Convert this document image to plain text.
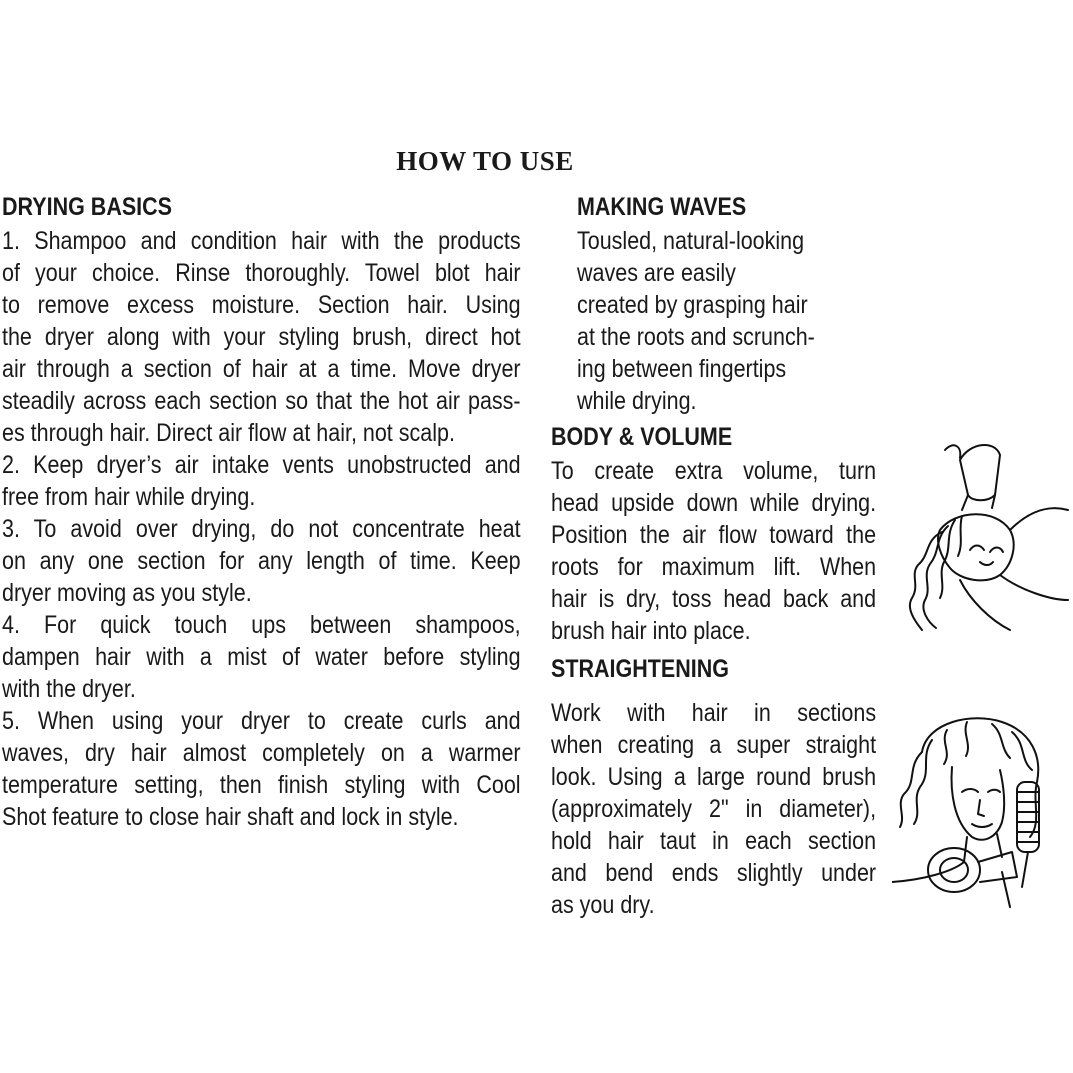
HOW TO USE
DRYING BASICS
1. Shampoo and condition hair with the products
of your choice. Rinse thoroughly. Towel blot hair
to remove excess moisture. Section hair. Using
the dryer along with your styling brush, direct hot
air through a section of hair at a time. Move dryer
steadily across each section so that the hot air pass-
es through hair. Direct air flow at hair, not scalp.
2. Keep dryer’s air intake vents unobstructed and
free from hair while drying.
3. To avoid over drying, do not concentrate heat
on any one section for any length of time. Keep
dryer moving as you style.
4. For quick touch ups between shampoos,
dampen hair with a mist of water before styling
with the dryer.
5. When using your dryer to create curls and
waves, dry hair almost completely on a warmer
temperature setting, then finish styling with Cool
Shot feature to close hair shaft and lock in style.
MAKING WAVES
Tousled, natural-looking
waves are easily
created by grasping hair
at the roots and scrunch-
ing between fingertips
while drying.
BODY & VOLUME
To create extra volume, turn
head upside down while drying.
Position the air flow toward the
roots for maximum lift. When
hair is dry, toss head back and
brush hair into place.
STRAIGHTENING
Work with hair in sections
when creating a super straight
look. Using a large round brush
(approximately 2" in diameter),
hold hair taut in each section
and bend ends slightly under
as you dry.
